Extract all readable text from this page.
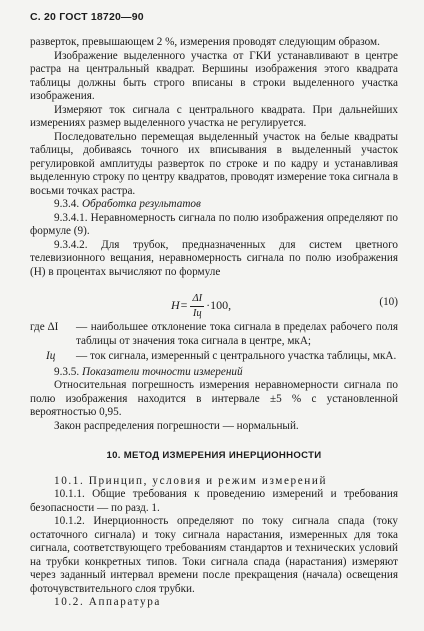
С. 20 ГОСТ 18720—90

разверток, превышающем 2 %, измерения проводят следующим образом.

Изображение выделенного участка от ГКИ устанавливают в центре растра на центральный квадрат. Вершины изображения этого квадрата таблицы должны быть строго вписаны в строки выделенного участка изображения.

Измеряют ток сигнала с центрального квадрата. При дальнейших измерениях размер выделенного участка не регулируется.

Последовательно перемещая выделенный участок на белые квадраты таблицы, добиваясь точного их вписывания в выделенный участок регулировкой амплитуды разверток по строке и по кадру и устанавливая выделенную строку по центру квадратов, проводят измерение тока сигнала в восьми точках растра.

9.3.4. Обработка результатов

9.3.4.1. Неравномерность сигнала по полю изображения определяют по формуле (9).

9.3.4.2. Для трубок, предназначенных для систем цветного телевизионного вещания, неравномерность сигнала по полю изображения (H) в процентах вычисляют по формуле

$H = \frac{\Delta I}{Iц} \cdot 100$,	(10)
где ΔI	— наибольшее отклонение тока сигнала в пределах рабочего поля таблицы от значения тока сигнала в центре, мкА;
Iц	— ток сигнала, измеренный с центрального участка таблицы, мкА.

9.3.5. Показатели точности измерений

Относительная погрешность измерения неравномерности сигнала по полю изображения находится в интервале ±5 % с установленной вероятностью 0,95.

Закон распределения погрешности — нормальный.

10. МЕТОД ИЗМЕРЕНИЯ ИНЕРЦИОННОСТИ

10.1. Принцип, условия и режим измерений

10.1.1. Общие требования к проведению измерений и требования безопасности — по разд. 1.

10.1.2. Инерционность определяют по току сигнала спада (току остаточного сигнала) и току сигнала нарастания, измеренных для тока сигнала, соответствующего требованиям стандартов и технических условий на трубки конкретных типов. Токи сигнала спада (нарастания) измеряют через заданный интервал времени после прекращения (начала) освещения фоточувствительного слоя трубки.

10.2. Аппаратура
